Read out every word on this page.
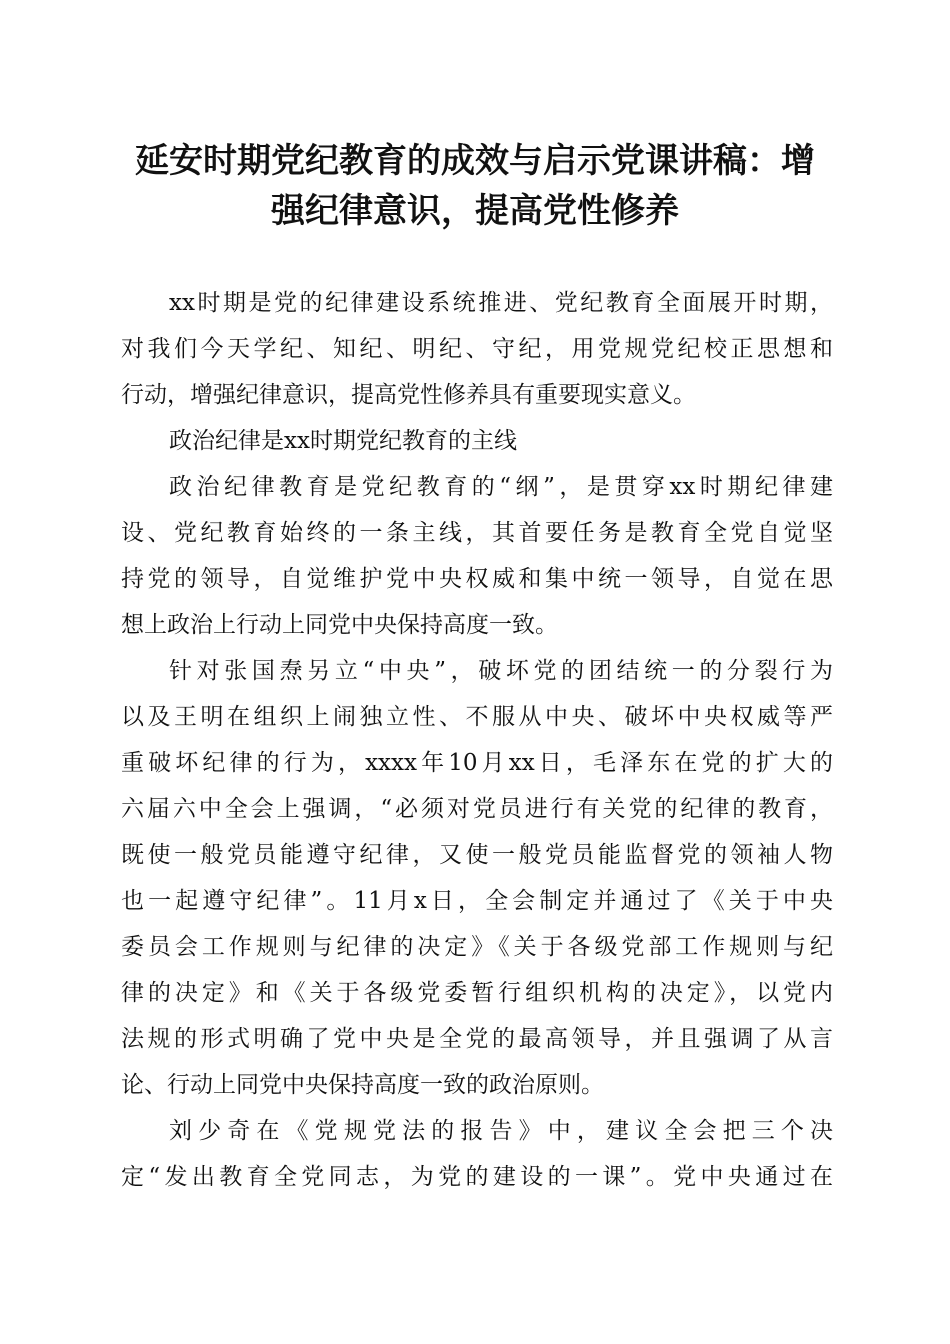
延安时期党纪教育的成效与启示党课讲稿：增
强纪律意识，提高党性修养
xx时期是党的纪律建设系统推进、党纪教育全面展开时期，
对我们今天学纪、知纪、明纪、守纪，用党规党纪校正思想和
行动，增强纪律意识，提高党性修养具有重要现实意义。
政治纪律是xx时期党纪教育的主线
政治纪律教育是党纪教育的“纲”，是贯穿xx时期纪律建
设、党纪教育始终的一条主线，其首要任务是教育全党自觉坚
持党的领导，自觉维护党中央权威和集中统一领导，自觉在思
想上政治上行动上同党中央保持高度一致。
针对张国焘另立“中央”，破坏党的团结统一的分裂行为
以及王明在组织上闹独立性、不服从中央、破坏中央权威等严
重破坏纪律的行为，xxxx年10月xx日，毛泽东在党的扩大的
六届六中全会上强调，“必须对党员进行有关党的纪律的教育，
既使一般党员能遵守纪律，又使一般党员能监督党的领袖人物
也一起遵守纪律”。11月x日，全会制定并通过了《关于中央
委员会工作规则与纪律的决定》《关于各级党部工作规则与纪
律的决定》和《关于各级党委暂行组织机构的决定》，以党内
法规的形式明确了党中央是全党的最高领导，并且强调了从言
论、行动上同党中央保持高度一致的政治原则。
刘少奇在《党规党法的报告》中，建议全会把三个决
定“发出教育全党同志，为党的建设的一课”。党中央通过在
